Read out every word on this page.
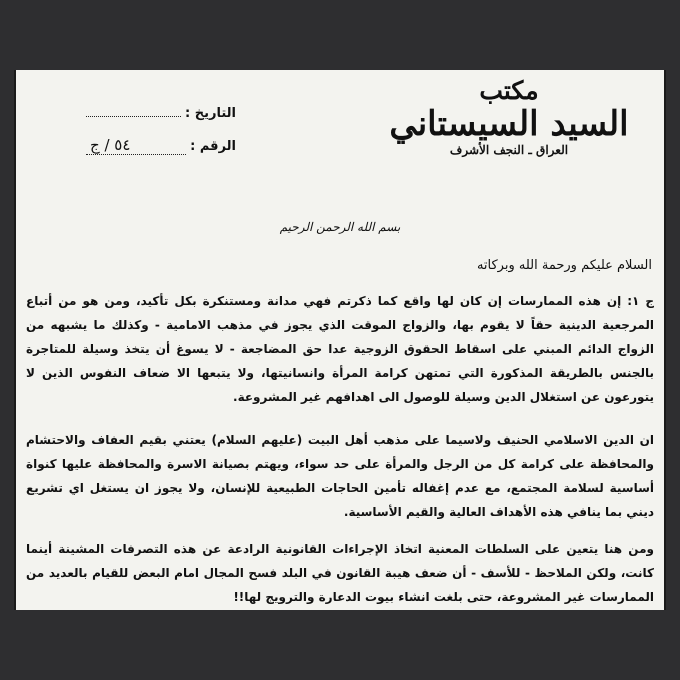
مكتب
السيد السيستاني
العراق ـ النجف الأشرف
التاريخ :
الرقم :
٥٤ / ج
بسم الله الرحمن الرحيم
السلام عليكم ورحمة الله وبركاته

ج ١: إن هذه الممارسات إن كان لها واقع كما ذكرتم فهي مدانة ومستنكرة بكل تأكيد، ومن هو من أتباع المرجعية الدينية حقاً لا يقوم بها، والزواج الموقت الذي يجوز في مذهب الامامية - وكذلك ما يشبهه من الزواج الدائم المبني على اسقاط الحقوق الزوجية عدا حق المضاجعة - لا يسوغ أن يتخذ وسيلة للمتاجرة بالجنس بالطريقة المذكورة التي تمتهن كرامة المرأة وانسانيتها، ولا يتبعها الا ضعاف النفوس الذين لا يتورعون عن استغلال الدين وسيلة للوصول الى اهدافهم غير المشروعة.

ان الدين الاسلامي الحنيف ولاسيما على مذهب أهل البيت (عليهم السلام) يعتني بقيم العفاف والاحتشام والمحافظة على كرامة كل من الرجل والمرأة على حد سواء، ويهتم بصيانة الاسرة والمحافظة عليها كنواة أساسية لسلامة المجتمع، مع عدم إغفاله تأمين الحاجات الطبيعية للإنسان، ولا يجوز ان يستغل اي تشريع ديني بما ينافي هذه الأهداف العالية والقيم الأساسية.

ومن هنا يتعين على السلطات المعنية اتخاذ الإجراءات القانونية الرادعة عن هذه التصرفات المشينة أينما كانت، ولكن الملاحظ - للأسف - أن ضعف هيبة القانون في البلد فسح المجال امام البعض للقيام بالعديد من الممارسات غير المشروعة، حتى بلغت انشاء بيوت الدعارة والترويج لها!!
